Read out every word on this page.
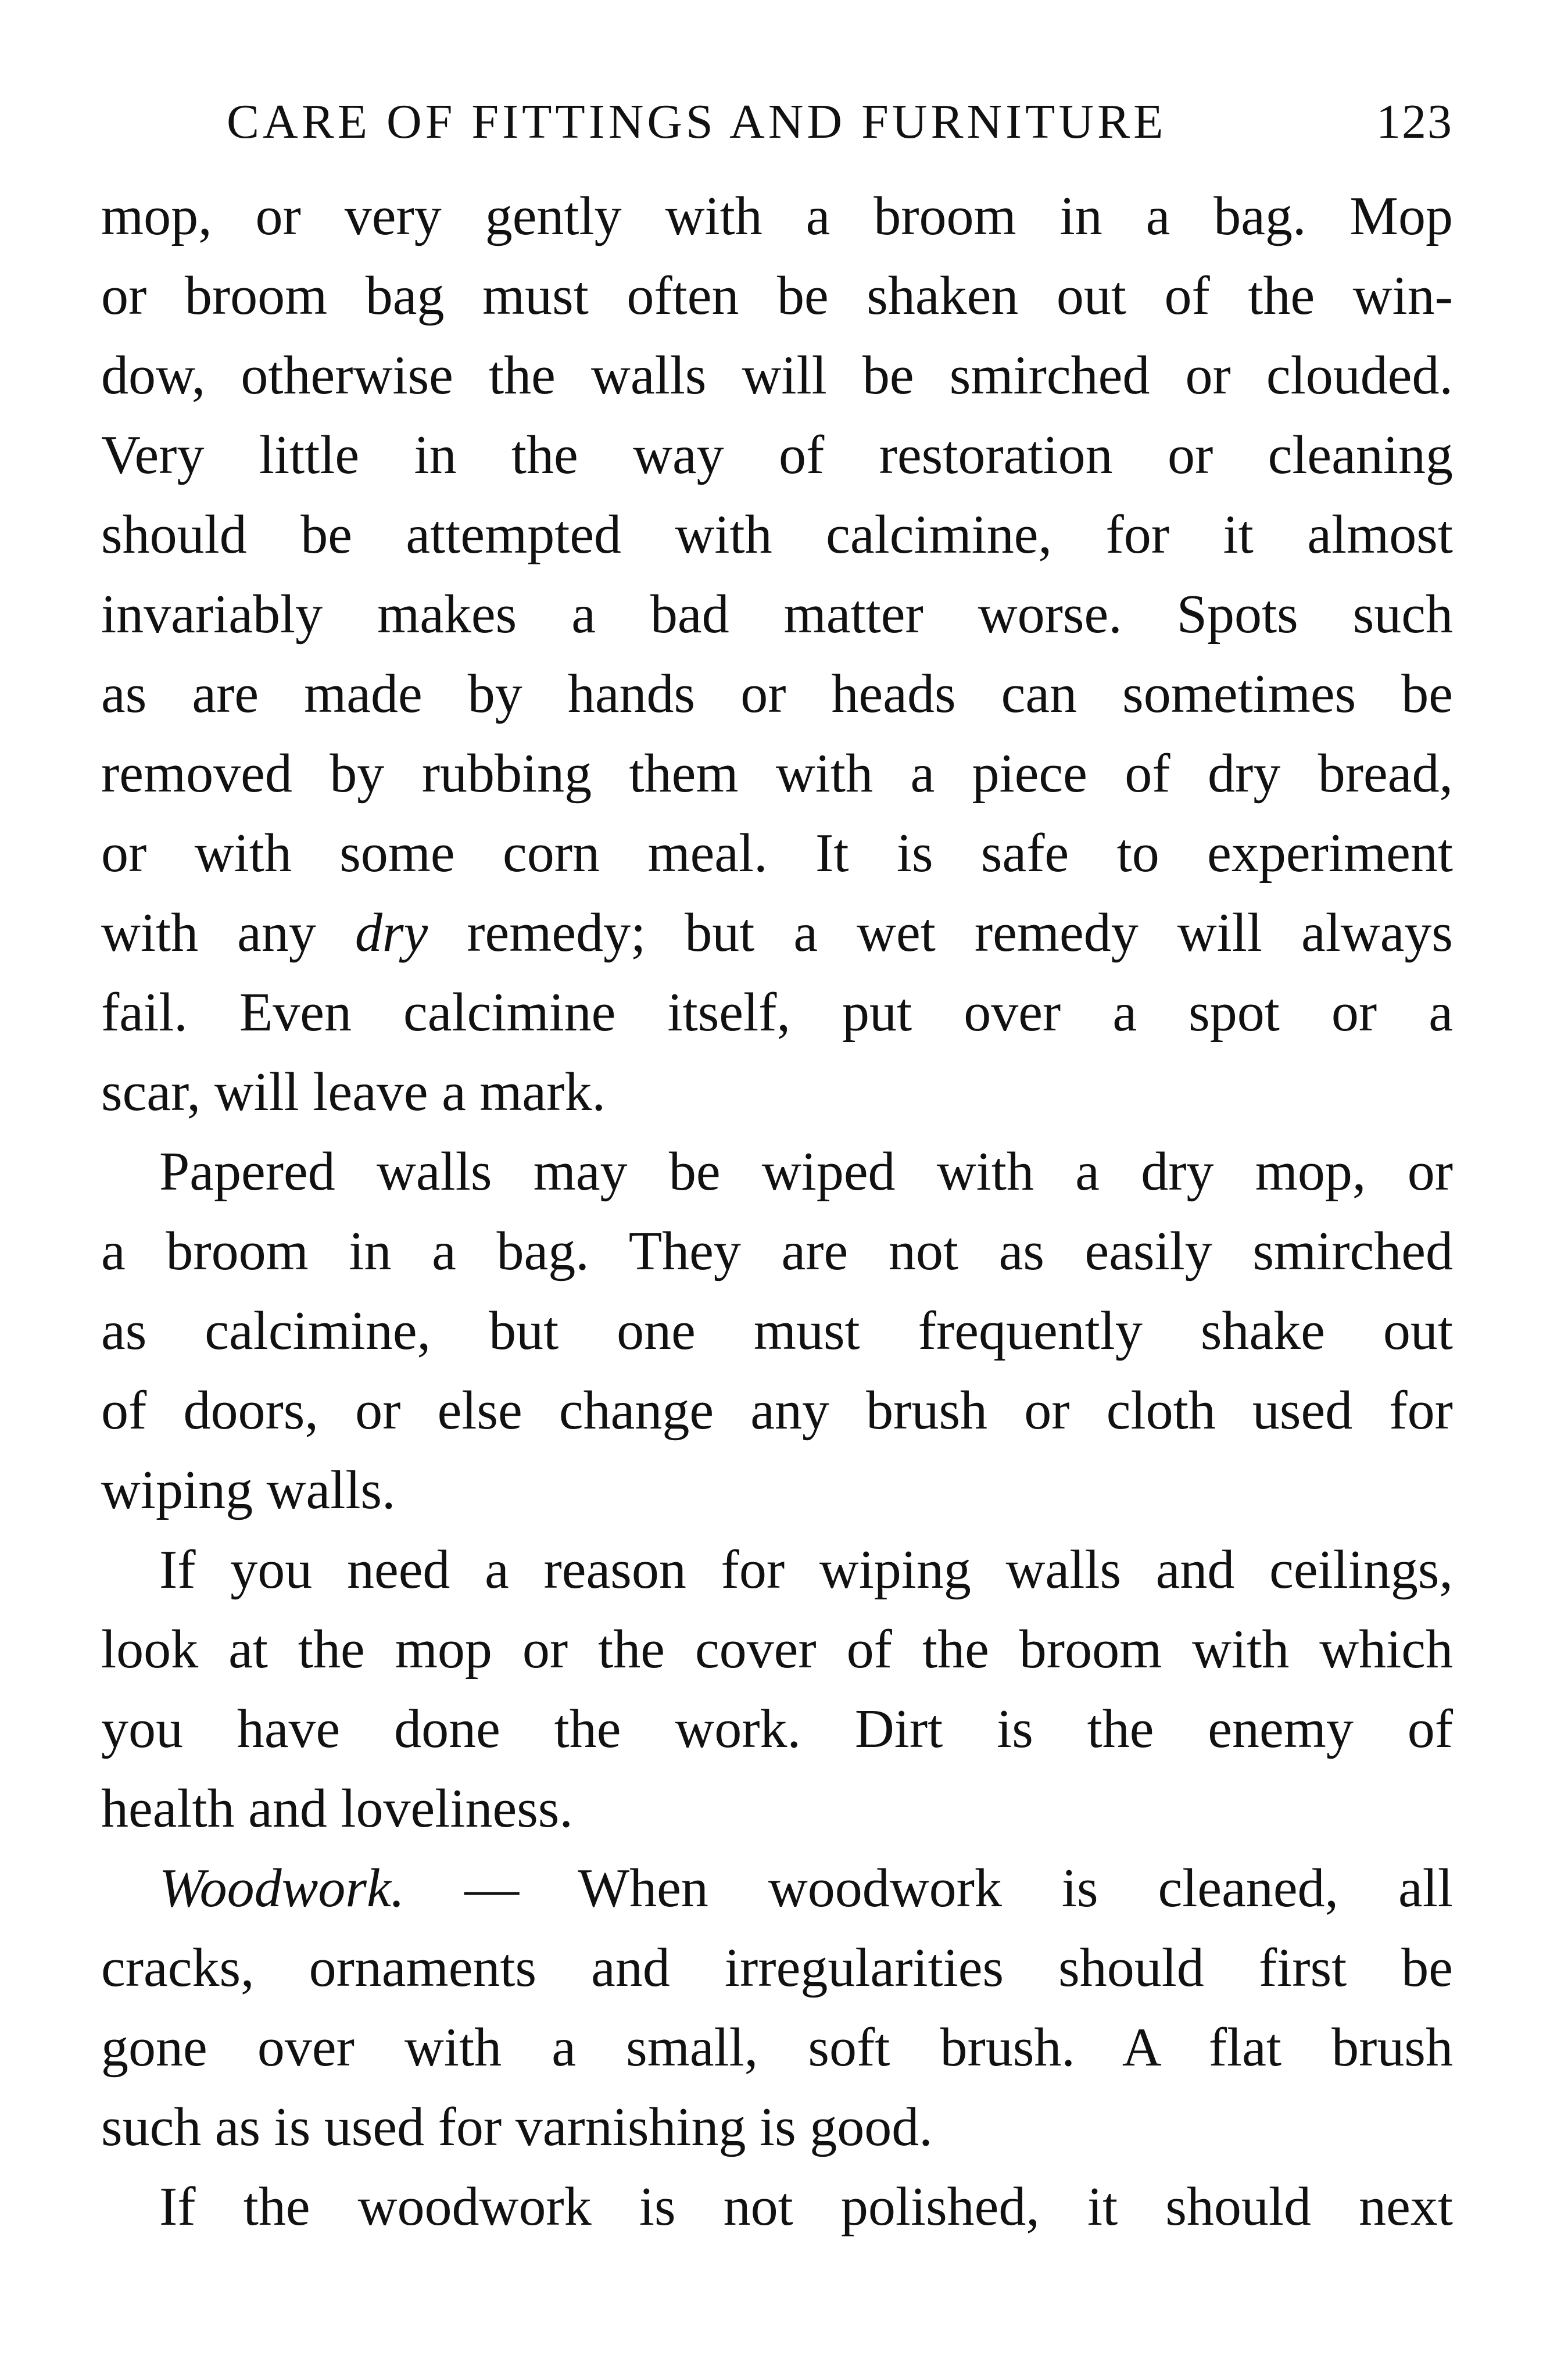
CARE OF FITTINGS AND FURNITURE	123
mop, or very gently with a broom in a bag. Mop
or broom bag must often be shaken out of the win-
dow, otherwise the walls will be smirched or clouded.
Very little in the way of restoration or cleaning
should be attempted with calcimine, for it almost
invariably makes a bad matter worse. Spots such
as are made by hands or heads can sometimes be
removed by rubbing them with a piece of dry bread,
or with some corn meal. It is safe to experiment
with any dry remedy; but a wet remedy will always
fail. Even calcimine itself, put over a spot or a
scar, will leave a mark.
Papered walls may be wiped with a dry mop, or
a broom in a bag. They are not as easily smirched
as calcimine, but one must frequently shake out
of doors, or else change any brush or cloth used for
wiping walls.
If you need a reason for wiping walls and ceilings,
look at the mop or the cover of the broom with which
you have done the work. Dirt is the enemy of
health and loveliness.
Woodwork. — When woodwork is cleaned, all
cracks, ornaments and irregularities should first be
gone over with a small, soft brush. A flat brush
such as is used for varnishing is good.
If the woodwork is not polished, it should next
